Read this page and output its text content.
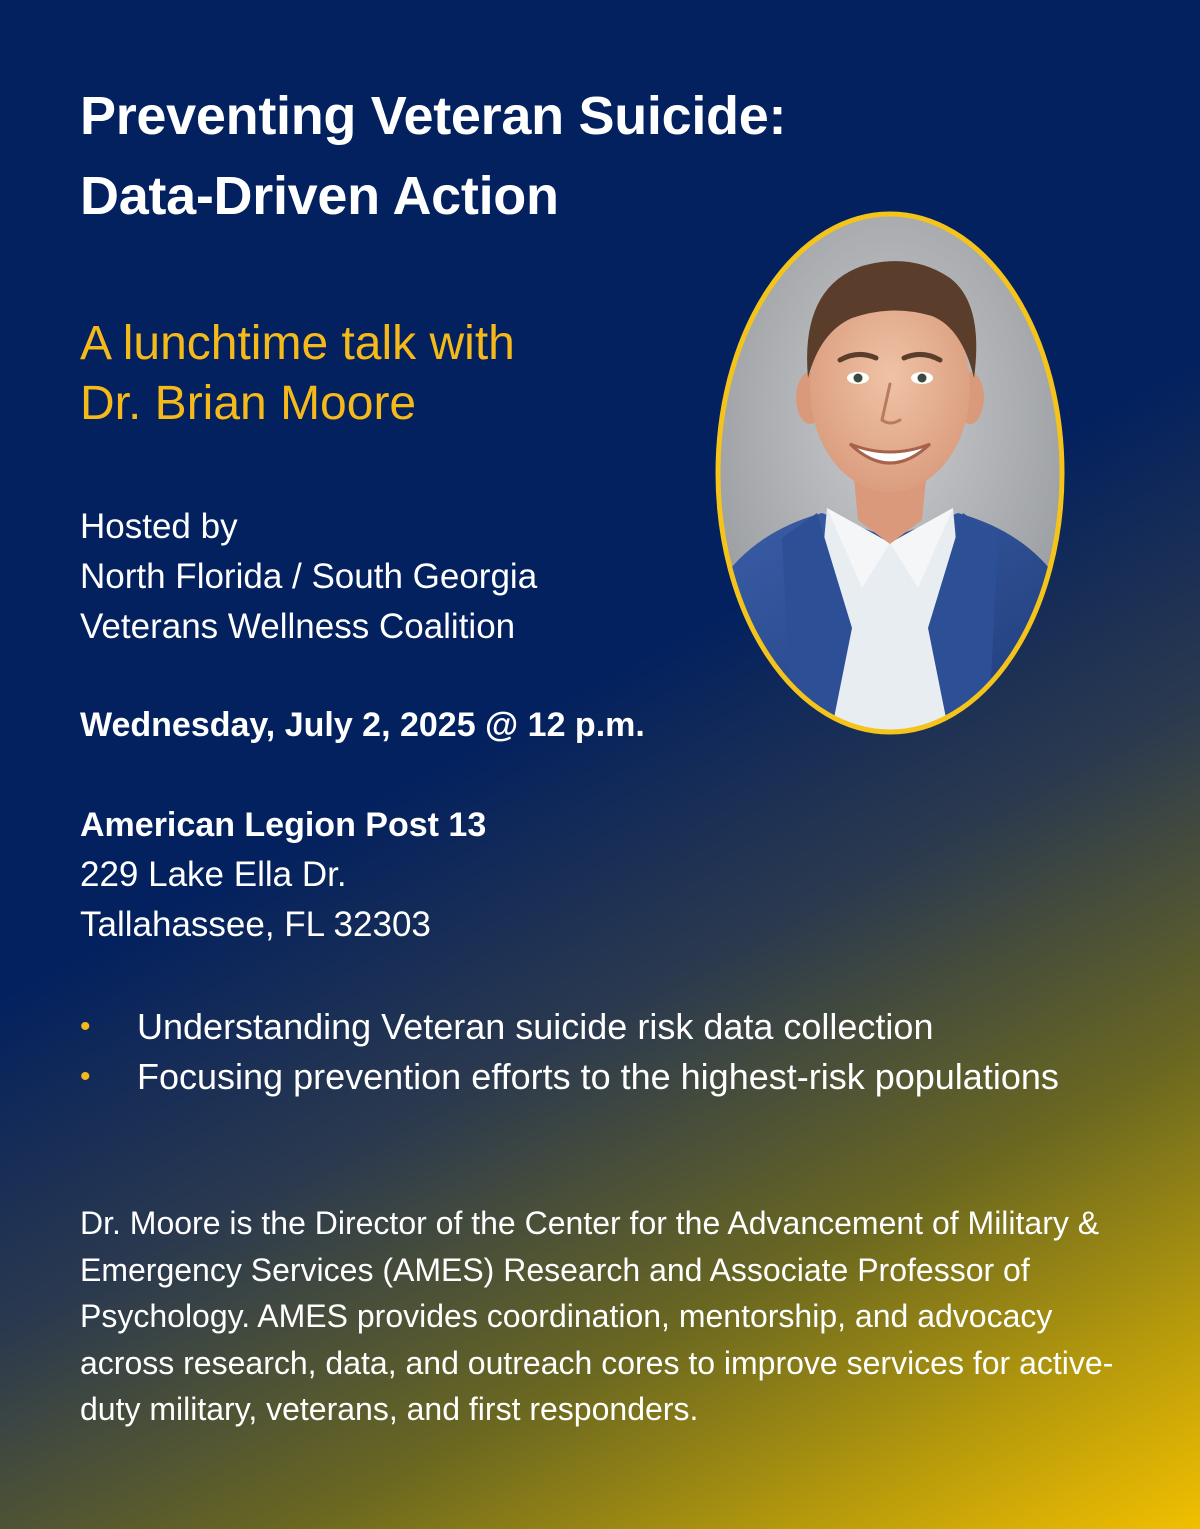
Preventing Veteran Suicide:
Data-Driven Action
A lunchtime talk with
Dr. Brian Moore
Hosted by
North Florida / South Georgia
Veterans Wellness Coalition
Wednesday, July 2, 2025 @ 12 p.m.
American Legion Post 13
229 Lake Ella Dr.
Tallahassee, FL 32303
• Understanding Veteran suicide risk data collection
• Focusing prevention efforts to the highest-risk populations
Dr. Moore is the Director of the Center for the Advancement of Military & Emergency Services (AMES) Research and Associate Professor of Psychology. AMES provides coordination, mentorship, and advocacy across research, data, and outreach cores to improve services for active-duty military, veterans, and first responders.
